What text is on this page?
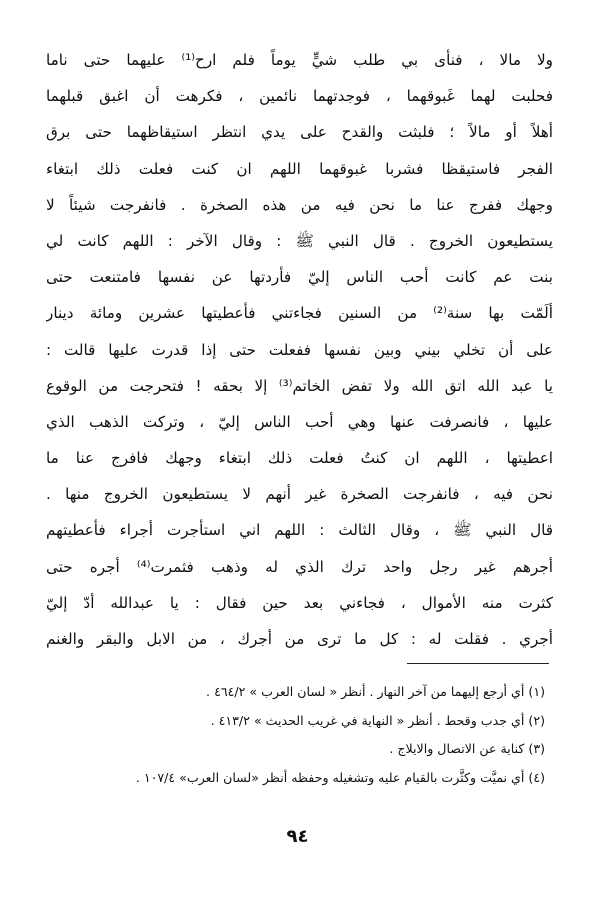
ولا مالا ، فنأى بي طلب شيٍّ يوماً فلم ارح⁽¹⁾ عليهما حتى ناما
فحلبت لهما غَبوقهما ، فوجدتهما نائمين ، فكرهت أن اغبق قبلهما
أهلاً أو مالاً ؛ فلبثت والقدح على يدي انتظر استيقاظهما حتى برق
الفجر فاستيقظا فشربا غبوقهما اللهم ان كنت فعلت ذلك ابتغاء
وجهك ففرج عنا ما نحن فيه من هذه الصخرة . فانفرجت شيئاً لا
يستطيعون الخروج . قال النبي ﷺ : وقال الآخر : اللهم كانت لي
بنت عم كانت أحب الناس إليّ فأردتها عن نفسها فامتنعت حتى
ألَمّت بها سنة⁽²⁾ من السنين فجاءتني فأعطيتها عشرين ومائة دينار
على أن تخلي بيني وبين نفسها ففعلت حتى إذا قدرت عليها قالت :
يا عبد الله اتق الله ولا تفض الخاتم⁽³⁾ إلا بحقه ! فتحرجت من الوقوع
عليها ، فانصرفت عنها وهي أحب الناس إليّ ، وتركت الذهب الذي
اعطيتها ، اللهم ان كنتُ فعلت ذلك ابتغاء وجهك فافرج عنا ما
نحن فيه ، فانفرجت الصخرة غير أنهم لا يستطيعون الخروج منها .
قال النبي ﷺ ، وقال الثالث : اللهم اني استأجرت أجراء فأعطيتهم
أجرهم غير رجل واحد ترك الذي له وذهب فثمرت⁽⁴⁾ أجره حتى
كثرت منه الأموال ، فجاءني بعد حين فقال : يا عبدالله أدّ إليّ
أجري . فقلت له : كل ما ترى من أجرك ، من الابل والبقر والغنم
(١) أي أرجع إليهما من آخر النهار . أنظر « لسان العرب » ٤٦٤/٢ .
(٢) أي جدب وقحط . أنظر « النهاية في غريب الحديث » ٤١٣/٢ .
(٣) كناية عن الاتصال والايلاج .
(٤) أي نميَّت وكثَّرت بالقيام عليه وتشغيله وحفظه أنظر «لسان العرب» ١٠٧/٤ .
٩٤
